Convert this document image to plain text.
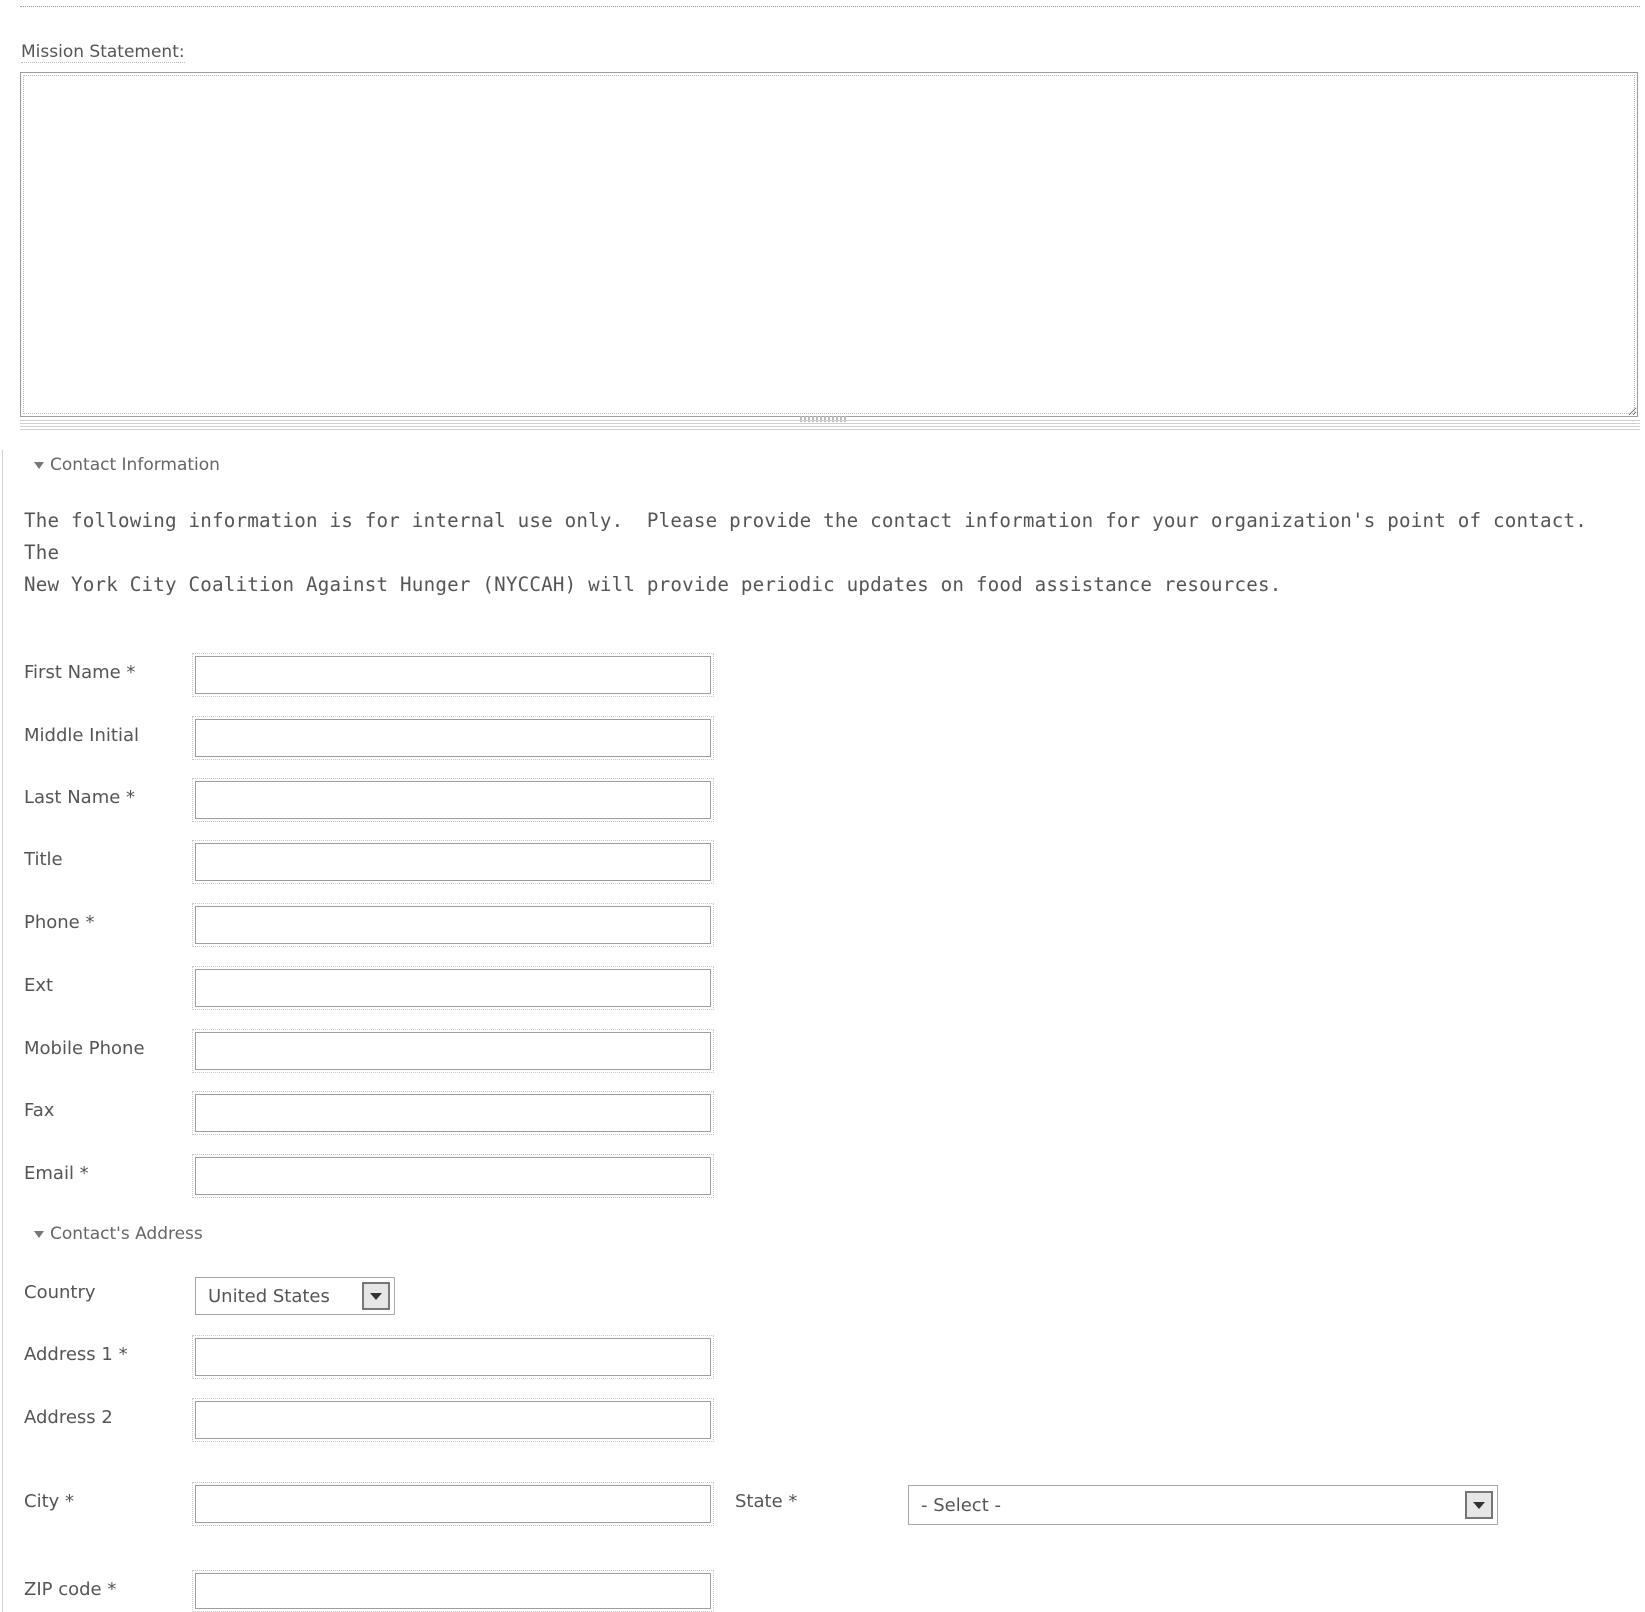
Mission Statement:
Contact Information
The following information is for internal use only.  Please provide the contact information for your organization's point of contact.  The
New York City Coalition Against Hunger (NYCCAH) will provide periodic updates on food assistance resources.
First Name *
Middle Initial
Last Name *
Title
Phone *
Ext
Mobile Phone
Fax
Email *
Contact's Address
Country	United States
Address 1 *
Address 2
City *	State *	- Select -
ZIP code *
